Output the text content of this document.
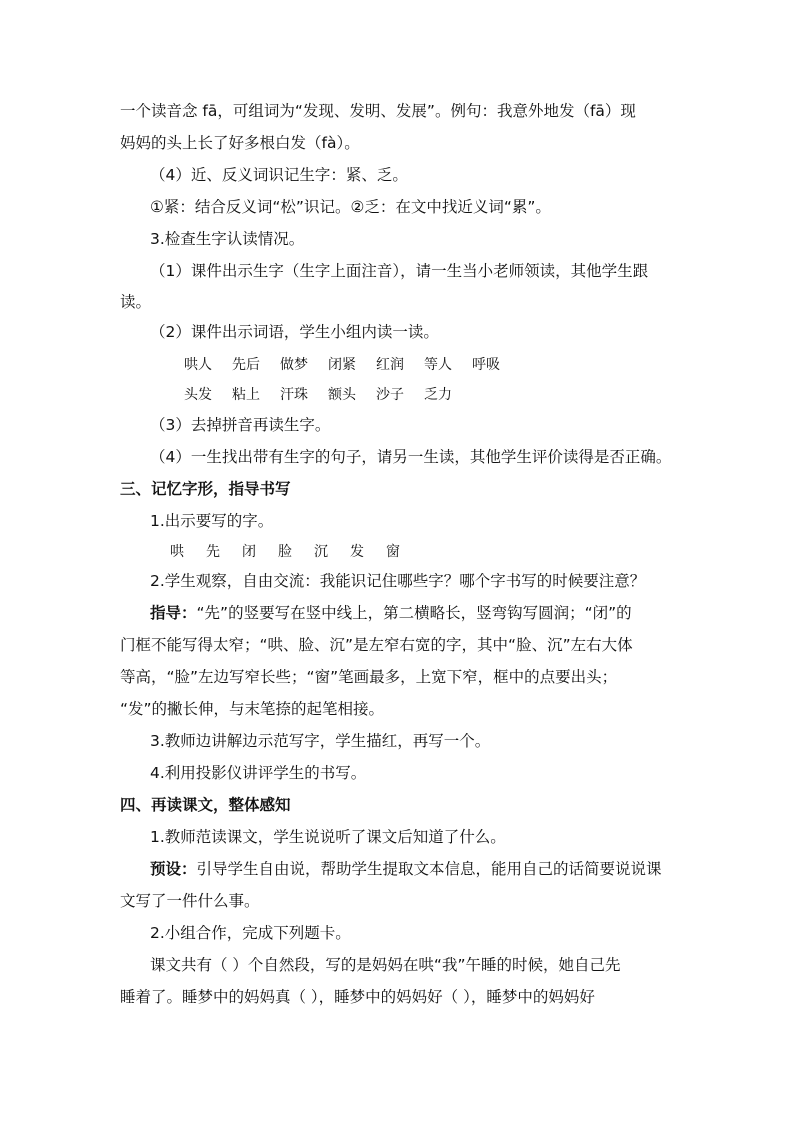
一个读音念 fā，可组词为“发现、发明、发展”。例句：我意外地发（fā）现
妈妈的头上长了好多根白发（fà）。
（4）近、反义词识记生字：紧、乏。
①紧：结合反义词“松”识记。②乏：在文中找近义词“累”。
3.检查生字认读情况。
（1）课件出示生字（生字上面注音），请一生当小老师领读，其他学生跟
读。
（2）课件出示词语，学生小组内读一读。
哄人 先后 做梦 闭紧 红润 等人 呼吸
头发 粘上 汗珠 额头 沙子 乏力
（3）去掉拼音再读生字。
（4）一生找出带有生字的句子，请另一生读，其他学生评价读得是否正确。
三、记忆字形，指导书写
1.出示要写的字。
哄 先 闭 脸 沉 发 窗
2.学生观察，自由交流：我能识记住哪些字？哪个字书写的时候要注意？
指导：“先”的竖要写在竖中线上，第二横略长，竖弯钩写圆润；“闭”的
门框不能写得太窄；“哄、脸、沉”是左窄右宽的字，其中“脸、沉”左右大体
等高，“脸”左边写窄长些；“窗”笔画最多，上宽下窄，框中的点要出头；
“发”的撇长伸，与末笔捺的起笔相接。
3.教师边讲解边示范写字，学生描红，再写一个。
4.利用投影仪讲评学生的书写。
四、再读课文，整体感知
1.教师范读课文，学生说说听了课文后知道了什么。
预设：引导学生自由说，帮助学生提取文本信息，能用自己的话简要说说课
文写了一件什么事。
2.小组合作，完成下列题卡。
课文共有（ ）个自然段，写的是妈妈在哄“我”午睡的时候，她自己先
睡着了。睡梦中的妈妈真（ ），睡梦中的妈妈好（ ），睡梦中的妈妈好
